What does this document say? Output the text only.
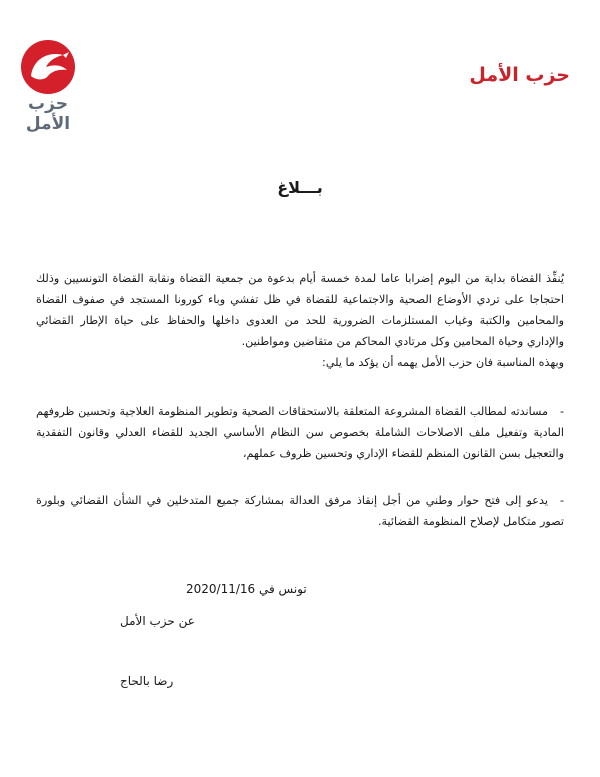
حزب الأمل
حزب الأمل
بـــلاغ

يُنفِّذ القضاة بداية من اليوم إضرابا عاما لمدة خمسة أيام بدعوة من جمعية القضاة ونقابة القضاة التونسيين وذلك احتجاجا على تردي الأوضاع الصحية والاجتماعية للقضاة في ظل تفشي وباء كورونا المستجد في صفوف القضاة والمحامين والكتبة وغياب المستلزمات الضرورية للحد من العدوى داخلها والحفاظ على حياة الإطار القضائي والإداري وحياة المحامين وكل مرتادي المحاكم من متقاضين ومواطنين.

وبهذه المناسبة فان حزب الأمل يهمه أن يؤكد ما يلي:

-مساندته لمطالب القضاة المشروعة المتعلقة بالاستحقاقات الصحية وتطوير المنظومة العلاجية وتحسين ظروفهم المادية وتفعيل ملف الاصلاحات الشاملة بخصوص سن النظام الأساسي الجديد للقضاء العدلي وقانون التفقدية والتعجيل بسن القانون المنظم للقضاء الإداري وتحسين ظروف عملهم،

-يدعو إلى فتح حوار وطني من أجل إنقاذ مرفق العدالة بمشاركة جميع المتدخلين في الشأن القضائي وبلورة تصور متكامل لإصلاح المنظومة القضائية.

تونس في 2020/11/16
عن حزب الأمل
رضا بالحاج
